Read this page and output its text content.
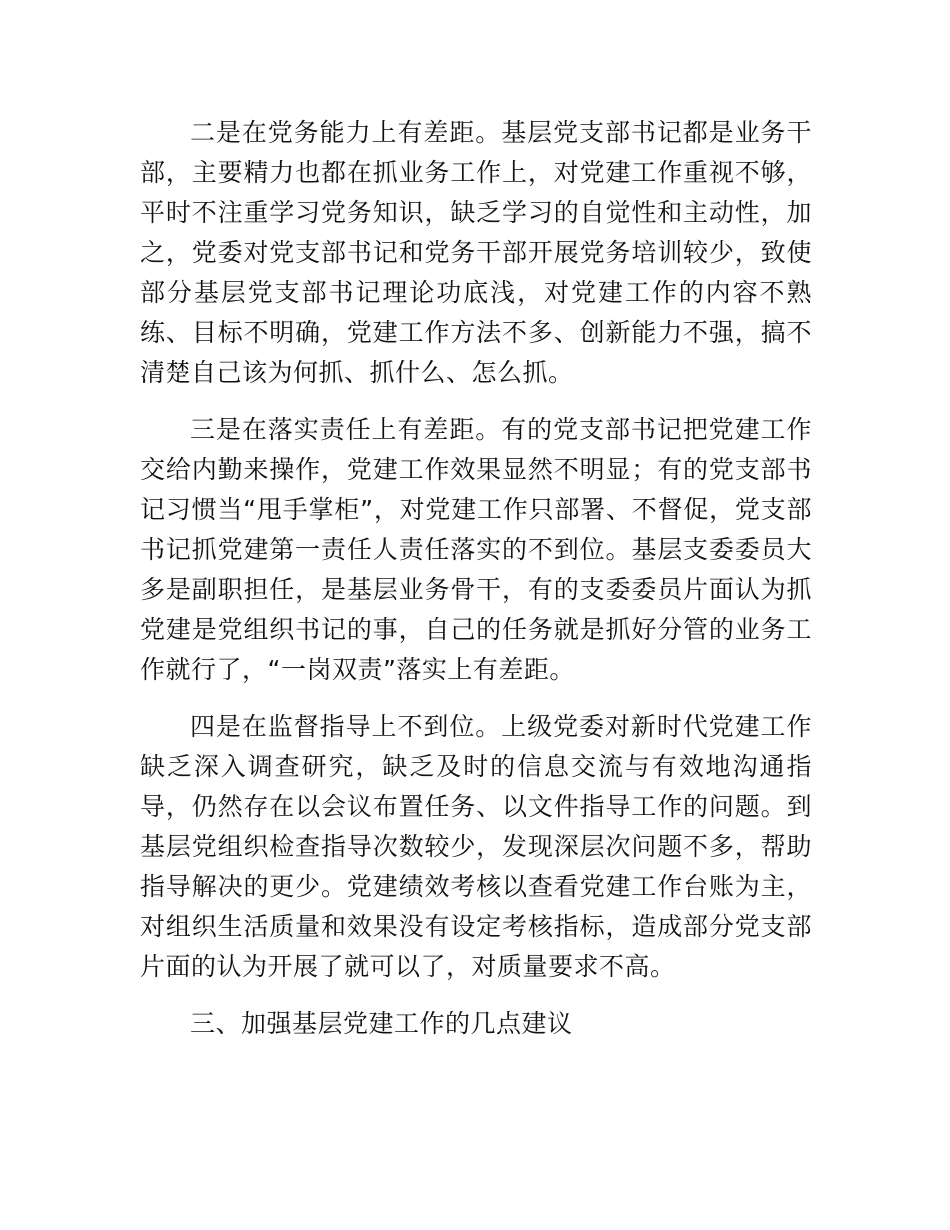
二是在党务能力上有差距。基层党支部书记都是业务干部，主要精力也都在抓业务工作上，对党建工作重视不够，平时不注重学习党务知识，缺乏学习的自觉性和主动性，加之，党委对党支部书记和党务干部开展党务培训较少，致使部分基层党支部书记理论功底浅，对党建工作的内容不熟练、目标不明确，党建工作方法不多、创新能力不强，搞不清楚自己该为何抓、抓什么、怎么抓。

三是在落实责任上有差距。有的党支部书记把党建工作交给内勤来操作，党建工作效果显然不明显；有的党支部书记习惯当“甩手掌柜”，对党建工作只部署、不督促，党支部书记抓党建第一责任人责任落实的不到位。基层支委委员大多是副职担任，是基层业务骨干，有的支委委员片面认为抓党建是党组织书记的事，自己的任务就是抓好分管的业务工作就行了，“一岗双责”落实上有差距。

四是在监督指导上不到位。上级党委对新时代党建工作缺乏深入调查研究，缺乏及时的信息交流与有效地沟通指导，仍然存在以会议布置任务、以文件指导工作的问题。到基层党组织检查指导次数较少，发现深层次问题不多，帮助指导解决的更少。党建绩效考核以查看党建工作台账为主，对组织生活质量和效果没有设定考核指标，造成部分党支部片面的认为开展了就可以了，对质量要求不高。

三、加强基层党建工作的几点建议
